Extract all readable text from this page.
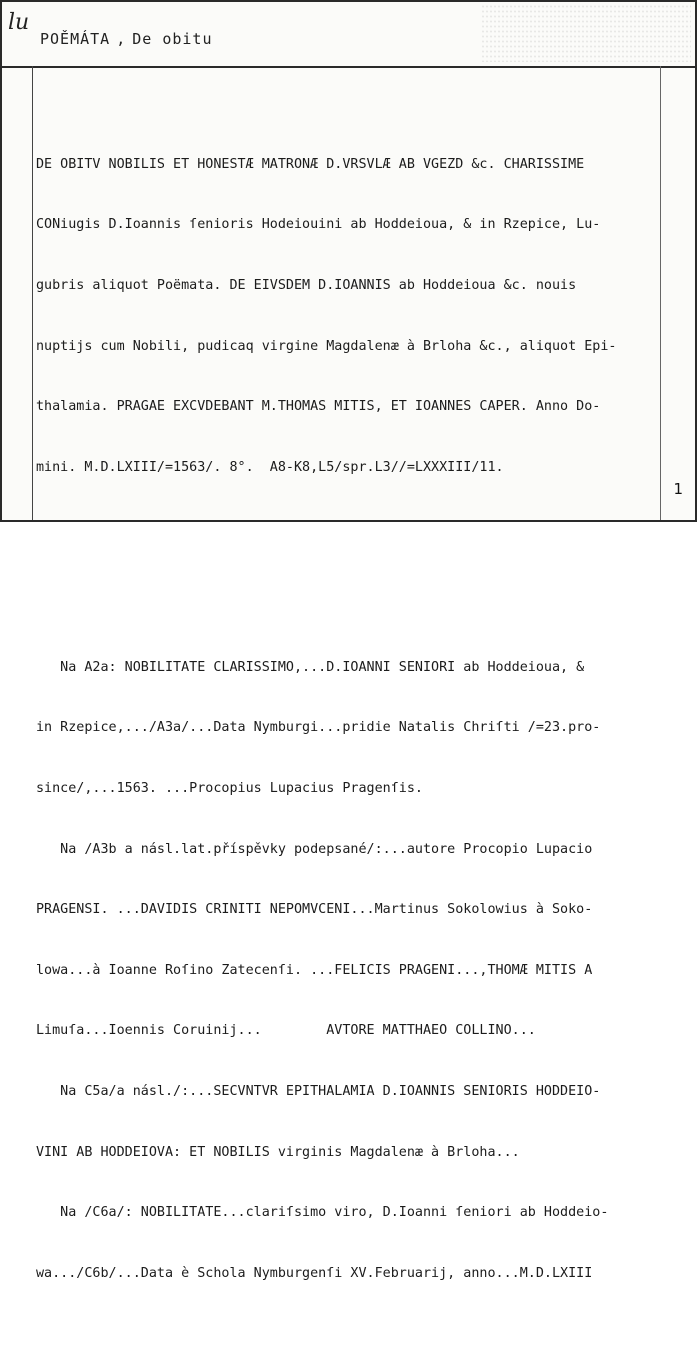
lu
POĚMÁTA , De obitu

DE OBITV NOBILIS ET HONESTÆ MATRONÆ D.VRSVLÆ AB VGEZD &c. CHARISSIME

CONiugis D.Ioannis ſenioris Hodeiouini ab Hoddeioua, & in Rzepice, Lu-

gubris aliquot Poëmata. DE EIVSDEM D.IOANNIS ab Hoddeioua &c. nouis

nuptijs cum Nobili, pudicaq virgine Magdalenæ à Brloha &c., aliquot Epi-

thalamia. PRAGAE EXCVDEBANT M.THOMAS MITIS, ET IOANNES CAPER. Anno Do-

mini. M.D.LXIII/=1563/. 8°.  A8-K8,L5/spr.L3//=LXXXIII/11.

Na A2a: NOBILITATE CLARISSIMO,...D.IOANNI SENIORI ab Hoddeioua, &

in Rzepice,.../A3a/...Data Nymburgi...pridie Natalis Chriſti /=23.pro-

since/,...1563. ...Procopius Lupacius Pragenſis.

Na /A3b a násl.lat.příspěvky podepsané/:...autore Procopio Lupacio

PRAGENSI. ...DAVIDIS CRINITI NEPOMVCENI...Martinus Sokolowius à Soko-

lowa...à Ioanne Roſino Zatecenſi. ...FELICIS PRAGENI...,THOMÆ MITIS A

Limuſa...Ioennis Coruinij...        AVTORE MATTHAEO COLLINO...

Na C5a/a násl./:...SECVNTVR EPITHALAMIA D.IOANNIS SENIORIS HODDEIO-

VINI AB HODDEIOVA: ET NOBILIS virginis Magdalenæ à Brloha...

Na /C6a/: NOBILITATE...clariſsimo viro, D.Ioanni ſeniori ab Hoddeio-

wa.../C6b/...Data è Schola Nymburgenſi XV.Februarij, anno...M.D.LXIII

1
